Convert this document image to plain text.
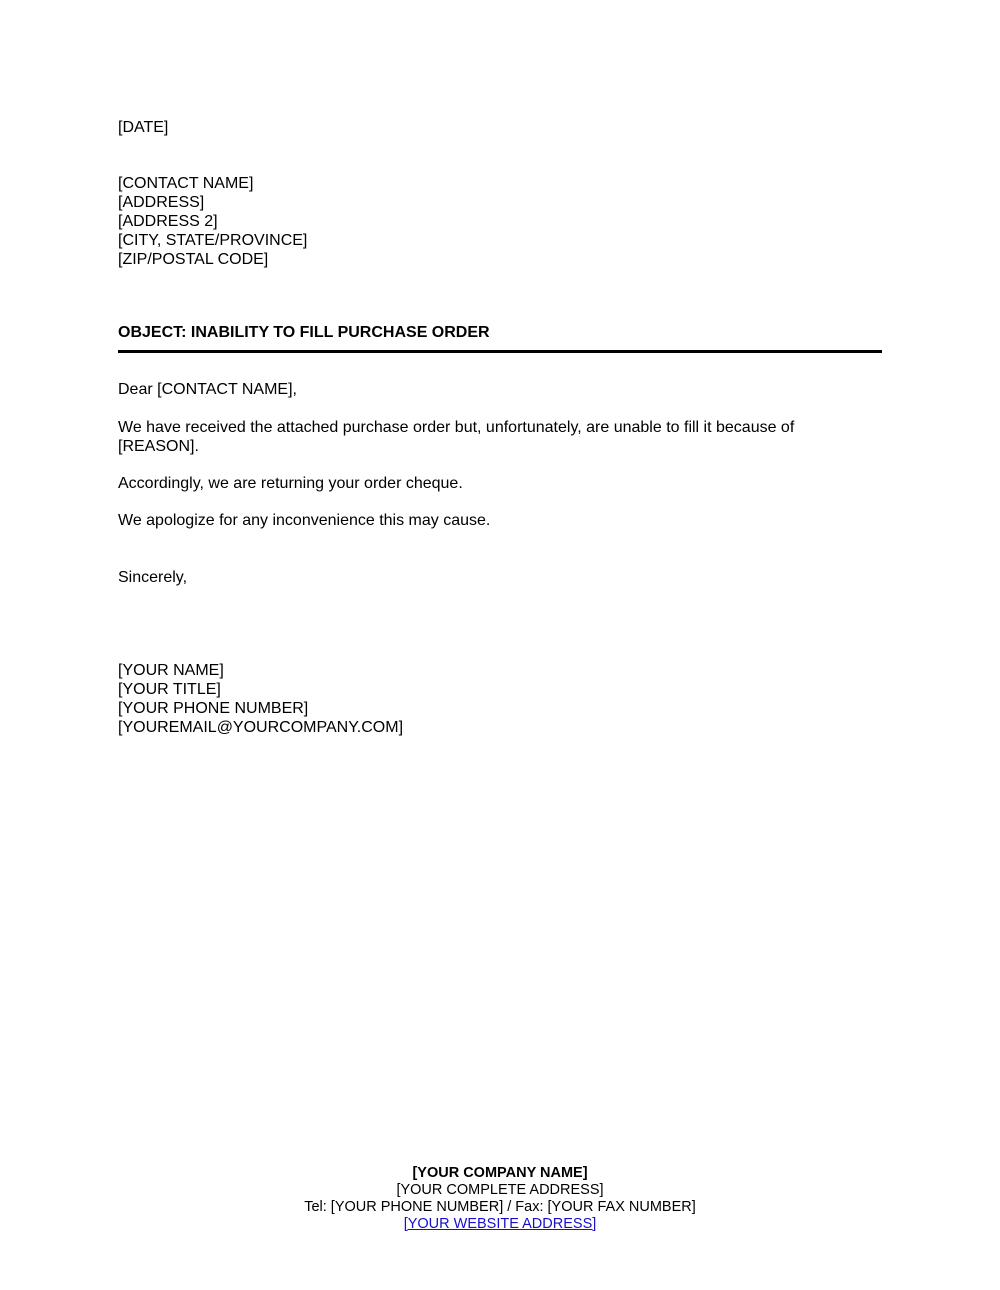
[DATE]
[CONTACT NAME]
[ADDRESS]
[ADDRESS 2]
[CITY, STATE/PROVINCE]
[ZIP/POSTAL CODE]
OBJECT: INABILITY TO FILL PURCHASE ORDER
Dear [CONTACT NAME],
We have received the attached purchase order but, unfortunately, are unable to fill it because of [REASON].
Accordingly, we are returning your order cheque.
We apologize for any inconvenience this may cause.
Sincerely,
[YOUR NAME]
[YOUR TITLE]
[YOUR PHONE NUMBER]
[YOUREMAIL@YOURCOMPANY.COM]
[YOUR COMPANY NAME]
[YOUR COMPLETE ADDRESS]
Tel: [YOUR PHONE NUMBER] / Fax: [YOUR FAX NUMBER]
[YOUR WEBSITE ADDRESS]
